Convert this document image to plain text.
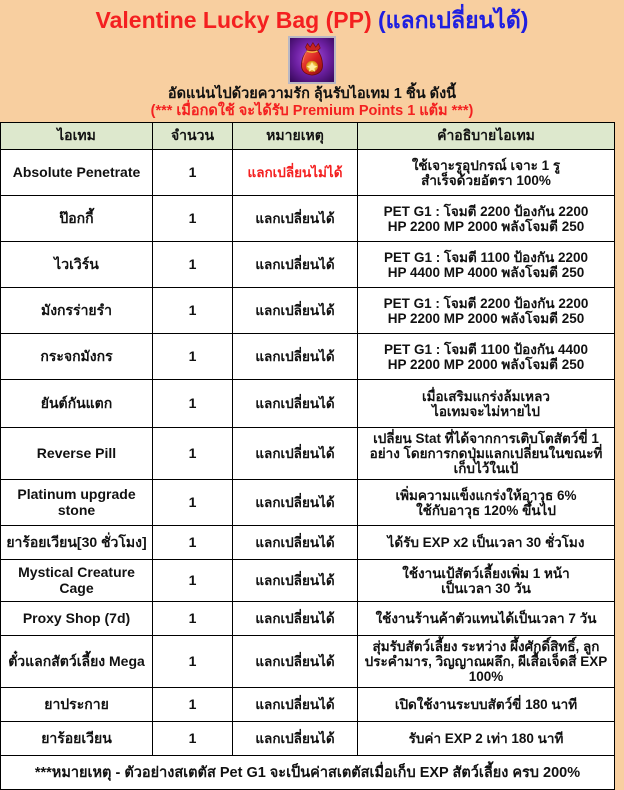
Valentine Lucky Bag (PP) (แลกเปลี่ยนได้)
อัดแน่นไปด้วยความรัก ลุ้นรับไอเทม 1 ชิ้น ดังนี้
(*** เมื่อกดใช้ จะได้รับ Premium Points 1 แต้ม ***)
ไอเทม	จำนวน	หมายเหตุ	คำอธิบายไอเทม
Absolute Penetrate	1	แลกเปลี่ยนไม่ได้	ใช้เจาะรูอุปกรณ์ เจาะ 1 รู
สำเร็จด้วยอัตรา 100%
ป๊อกกี้	1	แลกเปลี่ยนได้	PET G1 : โจมตี 2200 ป้องกัน 2200
HP 2200 MP 2000 พลังโจมตี 250
ไวเวิร์น	1	แลกเปลี่ยนได้	PET G1 : โจมตี 1100 ป้องกัน 2200
HP 4400 MP 4000 พลังโจมตี 250
มังกรร่ายรำ	1	แลกเปลี่ยนได้	PET G1 : โจมตี 2200 ป้องกัน 2200
HP 2200 MP 2000 พลังโจมตี 250
กระจกมังกร	1	แลกเปลี่ยนได้	PET G1 : โจมตี 1100 ป้องกัน 4400
HP 2200 MP 2000 พลังโจมตี 250
ยันต์กันแตก	1	แลกเปลี่ยนได้	เมื่อเสริมแกร่งล้มเหลว
ไอเทมจะไม่หายไป
Reverse Pill	1	แลกเปลี่ยนได้	เปลี่ยน Stat ที่ได้จากการเติบโตสัตว์ขี่ 1
อย่าง โดยการกดปุ่มแลกเปลี่ยนในขณะที่
เก็บไว้ในเป้
Platinum upgrade stone	1	แลกเปลี่ยนได้	เพิ่มความแข็งแกร่งให้อาวุธ 6%
ใช้กับอาวุธ 120% ขึ้นไป
ยาร้อยเวียน[30 ชั่วโมง]	1	แลกเปลี่ยนได้	ได้รับ EXP x2 เป็นเวลา 30 ชั่วโมง
Mystical Creature Cage	1	แลกเปลี่ยนได้	ใช้งานเป้สัตว์เลี้ยงเพิ่ม 1 หน้า
เป็นเวลา 30 วัน
Proxy Shop (7d)	1	แลกเปลี่ยนได้	ใช้งานร้านค้าตัวแทนได้เป็นเวลา 7 วัน
ตั๋วแลกสัตว์เลี้ยง Mega	1	แลกเปลี่ยนได้	สุ่มรับสัตว์เลี้ยง ระหว่าง ผึ้งศักดิ์สิทธิ์, ลูก
ประคำมาร, วิญญาณผลึก, ผีเสื้อเจ็ดสี EXP
100%
ยาประกาย	1	แลกเปลี่ยนได้	เปิดใช้งานระบบสัตว์ขี่ 180 นาที
ยาร้อยเวียน	1	แลกเปลี่ยนได้	รับค่า EXP 2 เท่า 180 นาที
***หมายเหตุ - ตัวอย่างสเตตัส Pet G1 จะเป็นค่าสเตตัสเมื่อเก็บ EXP สัตว์เลี้ยง ครบ 200%			
